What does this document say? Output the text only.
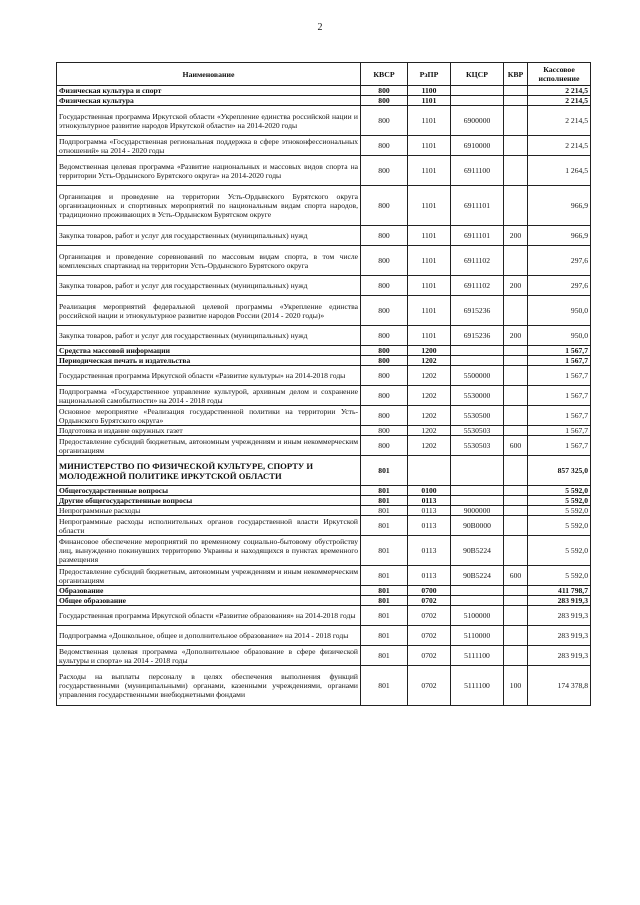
2
Наименование	КВСР	РзПР	КЦСР	КВР	Кассовое исполнение
Физическая культура и спорт	800	1100			2 214,5
Физическая культура	800	1101			2 214,5
Государственная программа Иркутской области «Укрепление единства российской нации и этнокультурное развитие народов Иркутской области» на 2014-2020 годы	800	1101	6900000		2 214,5
Подпрограмма «Государственная региональная поддержка в сфере этноконфессиональных отношений» на 2014 - 2020 годы	800	1101	6910000		2 214,5
Ведомственная целевая программа «Развитие национальных и массовых видов спорта на территории Усть-Ордынского Бурятского округа» на 2014-2020 годы	800	1101	6911100		1 264,5
Организация и проведение на территории Усть-Ордынского Бурятского округа организационных и спортивных мероприятий по национальным видам спорта народов, традиционно проживающих в Усть-Ордынском Бурятском округе	800	1101	6911101		966,9
Закупка товаров, работ и услуг для государственных (муниципальных) нужд	800	1101	6911101	200	966,9
Организация и проведение соревнований по массовым видам спорта, в том числе комплексных спартакиад на территории Усть-Ордынского Бурятского округа	800	1101	6911102		297,6
Закупка товаров, работ и услуг для государственных (муниципальных) нужд	800	1101	6911102	200	297,6
Реализация мероприятий федеральной целевой программы «Укрепление единства российской нации и этнокультурное развитие народов России (2014 - 2020 годы)»	800	1101	6915236		950,0
Закупка товаров, работ и услуг для государственных (муниципальных) нужд	800	1101	6915236	200	950,0
Средства массовой информации	800	1200			1 567,7
Периодическая печать и издательства	800	1202			1 567,7
Государственная программа Иркутской области «Развитие культуры» на 2014-2018 годы	800	1202	5500000		1 567,7
Подпрограмма «Государственное управление культурой, архивным делом и сохранение национальной самобытности» на 2014 - 2018 годы	800	1202	5530000		1 567,7
Основное мероприятие «Реализация государственной политики на территории Усть-Ордынского Бурятского округа»	800	1202	5530500		1 567,7
Подготовка и издание окружных газет	800	1202	5530503		1 567,7
Предоставление субсидий бюджетным, автономным учреждениям и иным некоммерческим организациям	800	1202	5530503	600	1 567,7
МИНИСТЕРСТВО ПО ФИЗИЧЕСКОЙ КУЛЬТУРЕ, СПОРТУ И МОЛОДЕЖНОЙ ПОЛИТИКЕ ИРКУТСКОЙ ОБЛАСТИ	801				857 325,0
Общегосударственные вопросы	801	0100			5 592,0
Другие общегосударственные вопросы	801	0113			5 592,0
Непрограммные расходы	801	0113	9000000		5 592,0
Непрограммные расходы исполнительных органов государственной власти Иркутской области	801	0113	90В0000		5 592,0
Финансовое обеспечение мероприятий по временному социально-бытовому обустройству лиц, вынужденно покинувших территорию Украины и находящихся в пунктах временного размещения	801	0113	90В5224		5 592,0
Предоставление субсидий бюджетным, автономным учреждениям и иным некоммерческим организациям	801	0113	90В5224	600	5 592,0
Образование	801	0700			411 798,7
Общее образование	801	0702			283 919,3
Государственная программа Иркутской области «Развитие образования» на 2014-2018 годы	801	0702	5100000		283 919,3
Подпрограмма «Дошкольное, общее и дополнительное образование» на 2014 - 2018 годы	801	0702	5110000		283 919,3
Ведомственная целевая программа «Дополнительное образование в сфере физической культуры и спорта» на 2014 - 2018 годы	801	0702	5111100		283 919,3
Расходы на выплаты персоналу в целях обеспечения выполнения функций государственными (муниципальными) органами, казенными учреждениями, органами управления государственными внебюджетными фондами	801	0702	5111100	100	174 378,8
